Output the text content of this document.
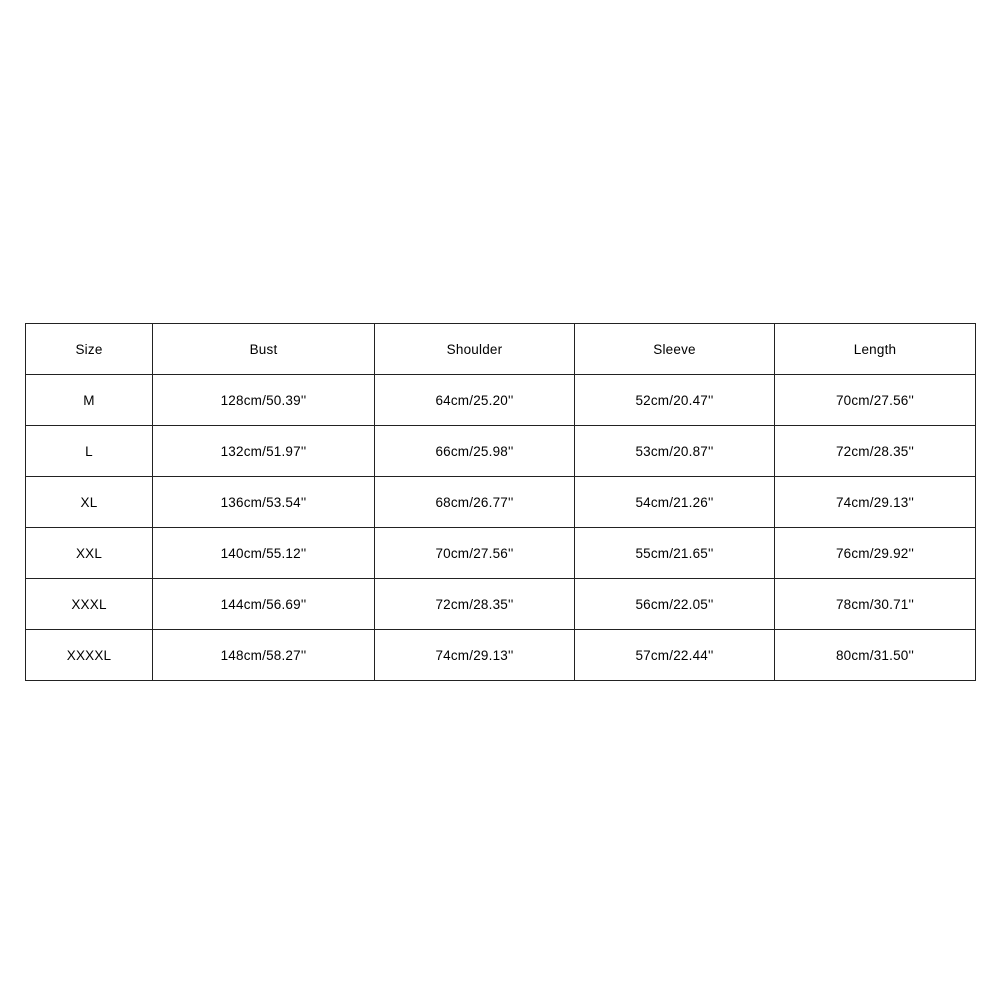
Size	Bust	Shoulder	Sleeve	Length
M	128cm/50.39''	64cm/25.20''	52cm/20.47''	70cm/27.56''
L	132cm/51.97''	66cm/25.98''	53cm/20.87''	72cm/28.35''
XL	136cm/53.54''	68cm/26.77''	54cm/21.26''	74cm/29.13''
XXL	140cm/55.12''	70cm/27.56''	55cm/21.65''	76cm/29.92''
XXXL	144cm/56.69''	72cm/28.35''	56cm/22.05''	78cm/30.71''
XXXXL	148cm/58.27''	74cm/29.13''	57cm/22.44''	80cm/31.50''
